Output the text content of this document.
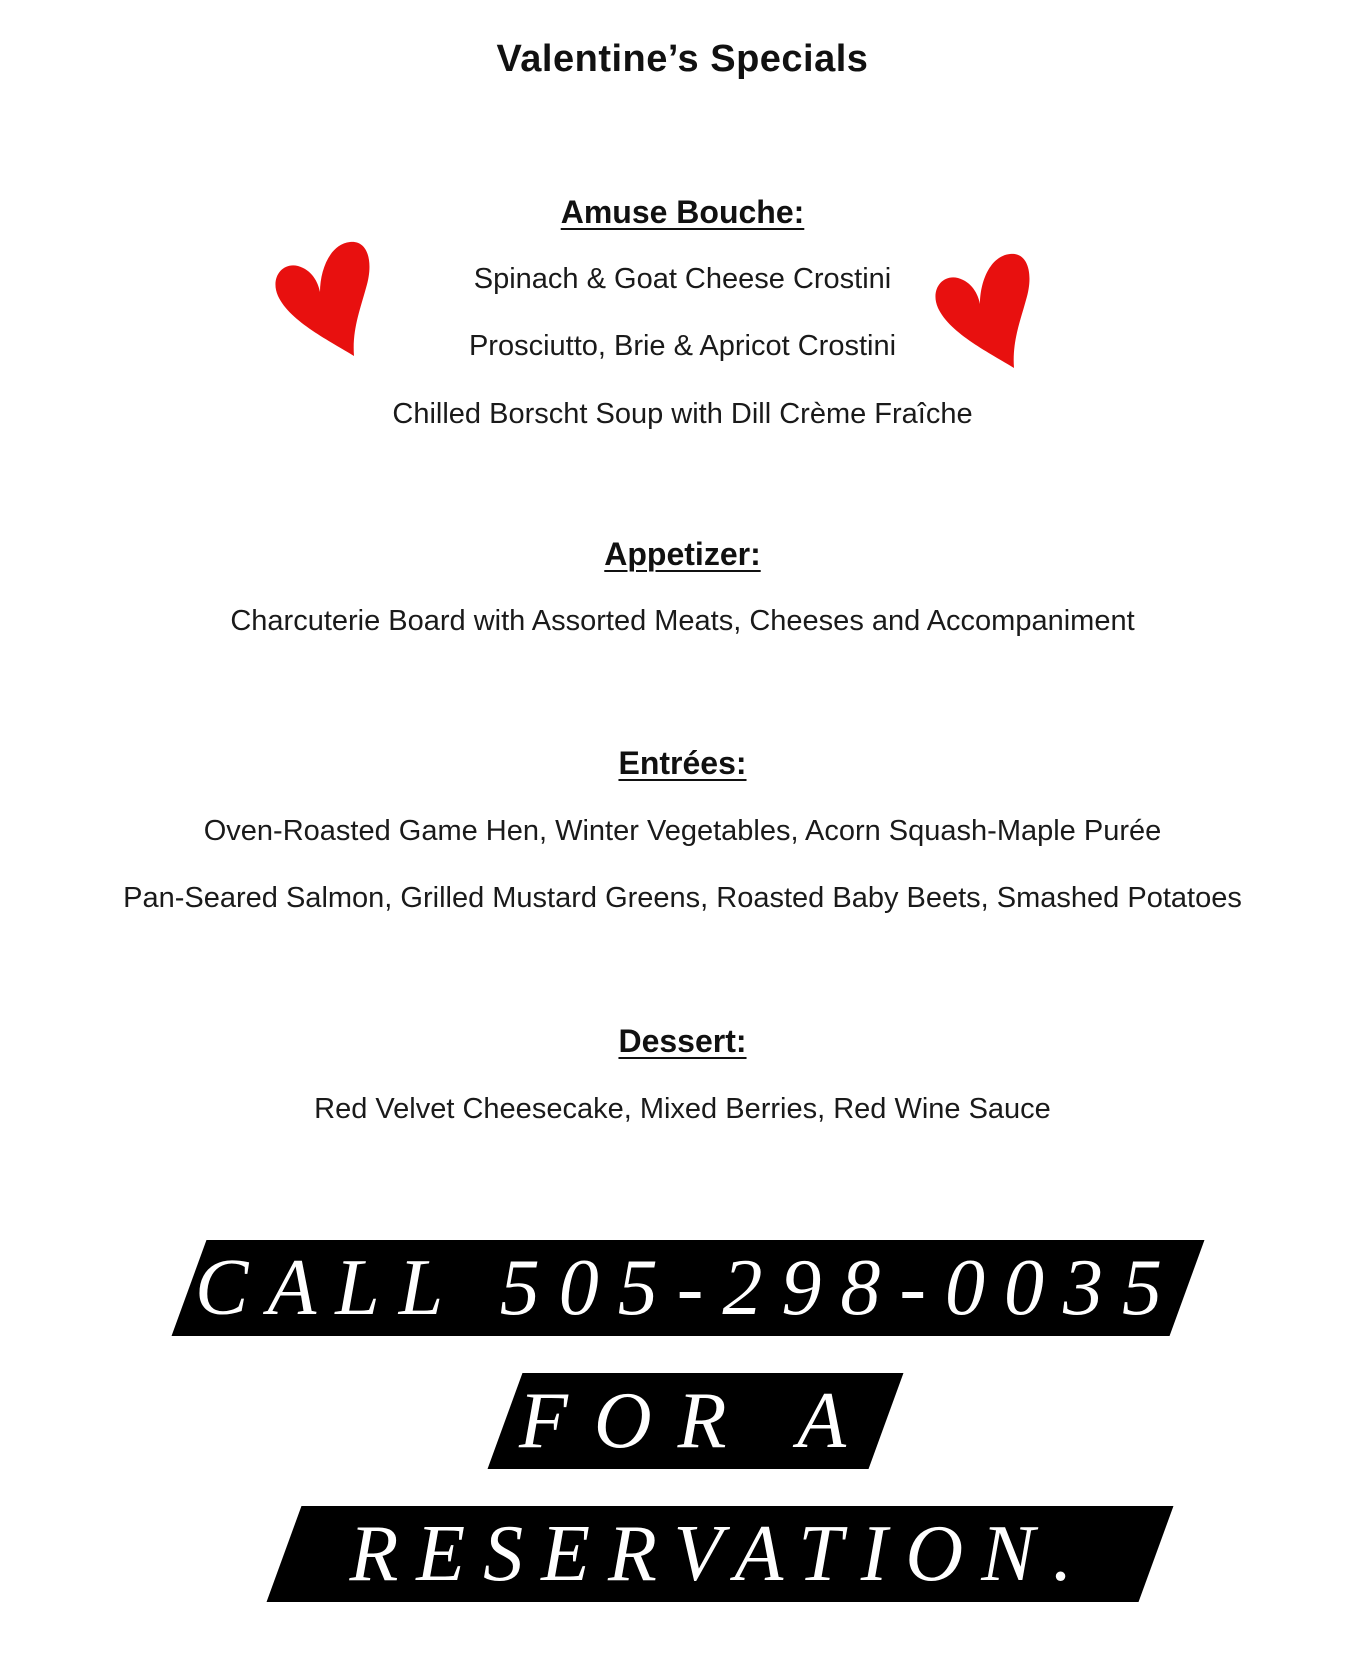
Valentine’s Specials
Amuse Bouche:
Spinach & Goat Cheese Crostini
Prosciutto, Brie & Apricot Crostini
Chilled Borscht Soup with Dill Crème Fraîche
Appetizer:
Charcuterie Board with Assorted Meats, Cheeses and Accompaniment
Entrées:
Oven-Roasted Game Hen, Winter Vegetables, Acorn Squash-Maple Purée
Pan-Seared Salmon, Grilled Mustard Greens, Roasted Baby Beets, Smashed Potatoes
Dessert:
Red Velvet Cheesecake, Mixed Berries, Red Wine Sauce
CALL 505-298-0035
FOR A
RESERVATION.
